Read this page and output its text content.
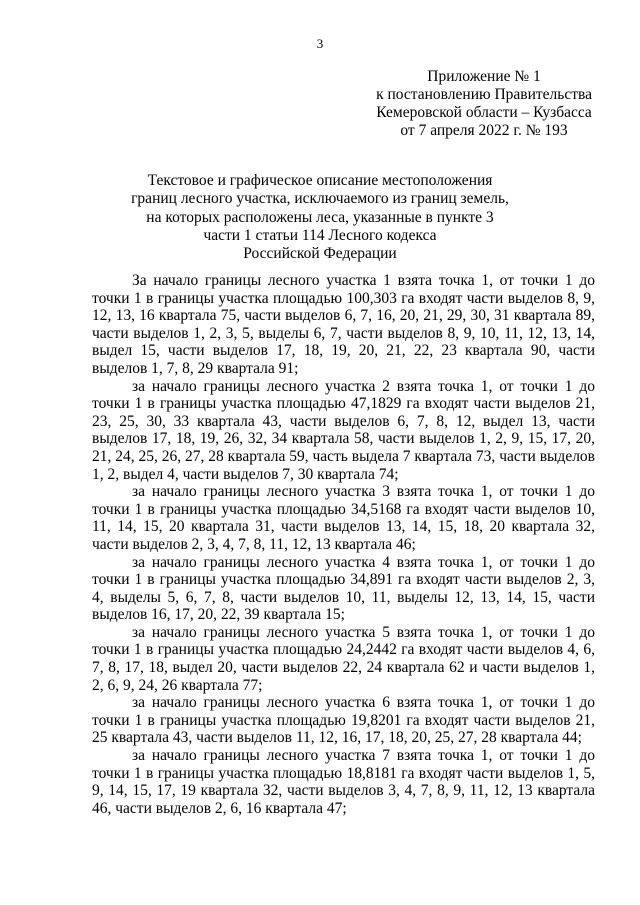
3
Приложение № 1
к постановлению Правительства
Кемеровской области – Кузбасса
от 7 апреля 2022 г. № 193
Текстовое и графическое описание местоположения
границ лесного участка, исключаемого из границ земель,
на которых расположены леса, указанные в пункте 3
части 1 статьи 114 Лесного кодекса
Российской Федерации

За начало границы лесного участка 1 взята точка 1, от точки 1 до точки 1 в границы участка площадью 100,303 га входят части выделов 8, 9, 12, 13, 16 квартала 75, части выделов 6, 7, 16, 20, 21, 29, 30, 31 квартала 89, части выделов 1, 2, 3, 5, выделы 6, 7, части выделов 8, 9, 10, 11, 12, 13, 14, выдел 15, части выделов 17, 18, 19, 20, 21, 22, 23 квартала 90, части выделов 1, 7, 8, 29 квартала 91;

за начало границы лесного участка 2 взята точка 1, от точки 1 до точки 1 в границы участка площадью 47,1829 га входят части выделов 21, 23, 25, 30, 33 квартала 43, части выделов 6, 7, 8, 12, выдел 13, части выделов 17, 18, 19, 26, 32, 34 квартала 58, части выделов 1, 2, 9, 15, 17, 20, 21, 24, 25, 26, 27, 28 квартала 59, часть выдела 7 квартала 73, части выделов 1, 2, выдел 4, части выделов 7, 30 квартала 74;

за начало границы лесного участка 3 взята точка 1, от точки 1 до точки 1 в границы участка площадью 34,5168 га входят части выделов 10, 11, 14, 15, 20 квартала 31, части выделов 13, 14, 15, 18, 20 квартала 32, части выделов 2, 3, 4, 7, 8, 11, 12, 13 квартала 46;

за начало границы лесного участка 4 взята точка 1, от точки 1 до точки 1 в границы участка площадью 34,891 га входят части выделов 2, 3, 4, выделы 5, 6, 7, 8, части выделов 10, 11, выделы 12, 13, 14, 15, части выделов 16, 17, 20, 22, 39 квартала 15;

за начало границы лесного участка 5 взята точка 1, от точки 1 до точки 1 в границы участка площадью 24,2442 га входят части выделов 4, 6, 7, 8, 17, 18, выдел 20, части выделов 22, 24 квартала 62 и части выделов 1, 2, 6, 9, 24, 26 квартала 77;

за начало границы лесного участка 6 взята точка 1, от точки 1 до точки 1 в границы участка площадью 19,8201 га входят части выделов 21, 25 квартала 43, части выделов 11, 12, 16, 17, 18, 20, 25, 27, 28 квартала 44;

за начало границы лесного участка 7 взята точка 1, от точки 1 до точки 1 в границы участка площадью 18,8181 га входят части выделов 1, 5, 9, 14, 15, 17, 19 квартала 32, части выделов 3, 4, 7, 8, 9, 11, 12, 13 квартала 46, части выделов 2, 6, 16 квартала 47;
